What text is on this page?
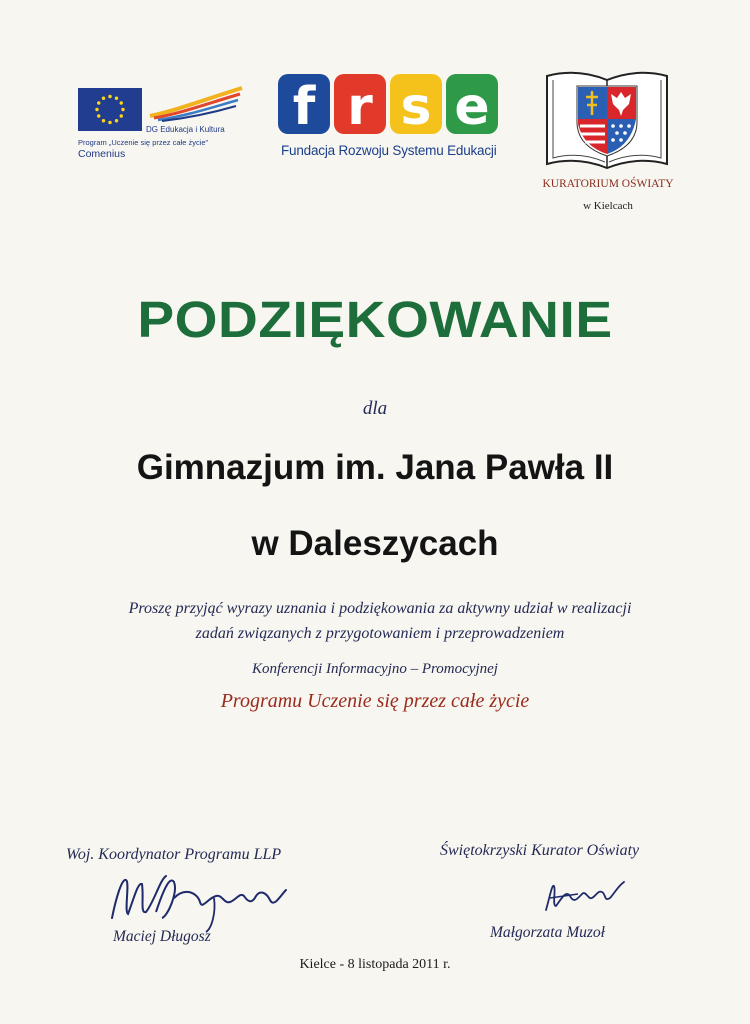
DG Edukacja i Kultura
Program „Uczenie się przez całe życie”
Comenius
f r s e
Fundacja Rozwoju Systemu Edukacji
KURATORIUM OŚWIATY
w Kielcach
PODZIĘKOWANIE
dla
Gimnazjum im. Jana Pawła II
w Daleszycach
Proszę przyjąć wyrazy uznania i podziękowania za aktywny udział w realizacji
zadań związanych z przygotowaniem i przeprowadzeniem
Konferencji Informacyjno – Promocyjnej
Programu Uczenie się przez całe życie
Woj. Koordynator Programu LLP
Maciej Długosz
Świętokrzyski Kurator Oświaty
Małgorzata Muzoł
Kielce - 8 listopada 2011 r.
